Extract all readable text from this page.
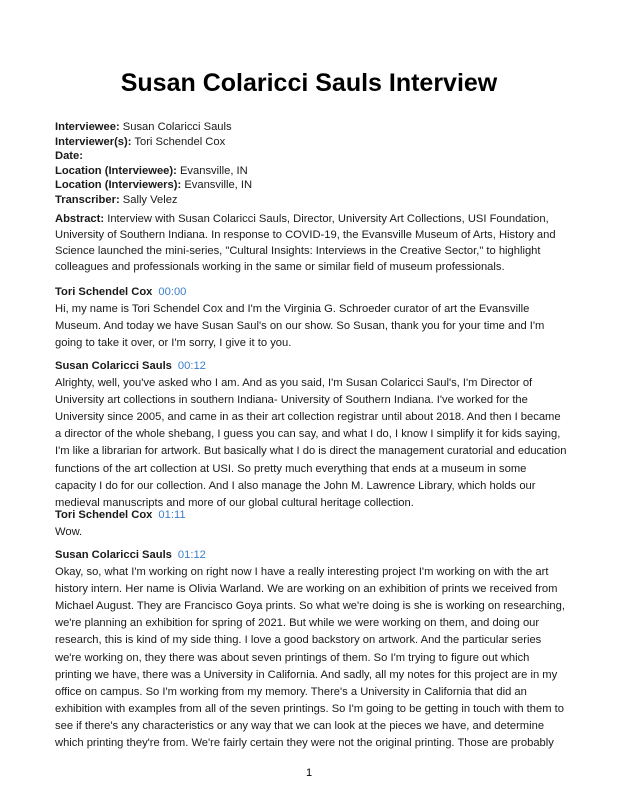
Susan Colaricci Sauls Interview
Interviewee: Susan Colaricci Sauls
Interviewer(s): Tori Schendel Cox
Date:
Location (Interviewee): Evansville, IN
Location (Interviewers): Evansville, IN
Transcriber: Sally Velez
Abstract: Interview with Susan Colaricci Sauls, Director, University Art Collections, USI Foundation,
University of Southern Indiana. In response to COVID-19, the Evansville Museum of Arts, History and
Science launched the mini-series, "Cultural Insights: Interviews in the Creative Sector," to highlight
colleagues and professionals working in the same or similar field of museum professionals.
Tori Schendel Cox 00:00
Hi, my name is Tori Schendel Cox and I'm the Virginia G. Schroeder curator of art the Evansville
Museum. And today we have Susan Saul's on our show. So Susan, thank you for your time and I'm
going to take it over, or I'm sorry, I give it to you.
Susan Colaricci Sauls 00:12
Alrighty, well, you've asked who I am. And as you said, I'm Susan Colaricci Saul's, I'm Director of
University art collections in southern Indiana- University of Southern Indiana. I've worked for the
University since 2005, and came in as their art collection registrar until about 2018. And then I became
a director of the whole shebang, I guess you can say, and what I do, I know I simplify it for kids saying,
I'm like a librarian for artwork. But basically what I do is direct the management curatorial and education
functions of the art collection at USI. So pretty much everything that ends at a museum in some
capacity I do for our collection. And I also manage the John M. Lawrence Library, which holds our
medieval manuscripts and more of our global cultural heritage collection.
Tori Schendel Cox 01:11
Wow.
Susan Colaricci Sauls 01:12
Okay, so, what I'm working on right now I have a really interesting project I'm working on with the art
history intern. Her name is Olivia Warland. We are working on an exhibition of prints we received from
Michael August. They are Francisco Goya prints. So what we're doing is she is working on researching,
we're planning an exhibition for spring of 2021. But while we were working on them, and doing our
research, this is kind of my side thing. I love a good backstory on artwork. And the particular series
we're working on, they there was about seven printings of them. So I'm trying to figure out which
printing we have, there was a University in California. And sadly, all my notes for this project are in my
office on campus. So I'm working from my memory. There's a University in California that did an
exhibition with examples from all of the seven printings. So I'm going to be getting in touch with them to
see if there's any characteristics or any way that we can look at the pieces we have, and determine
which printing they're from. We're fairly certain they were not the original printing. Those are probably
1
